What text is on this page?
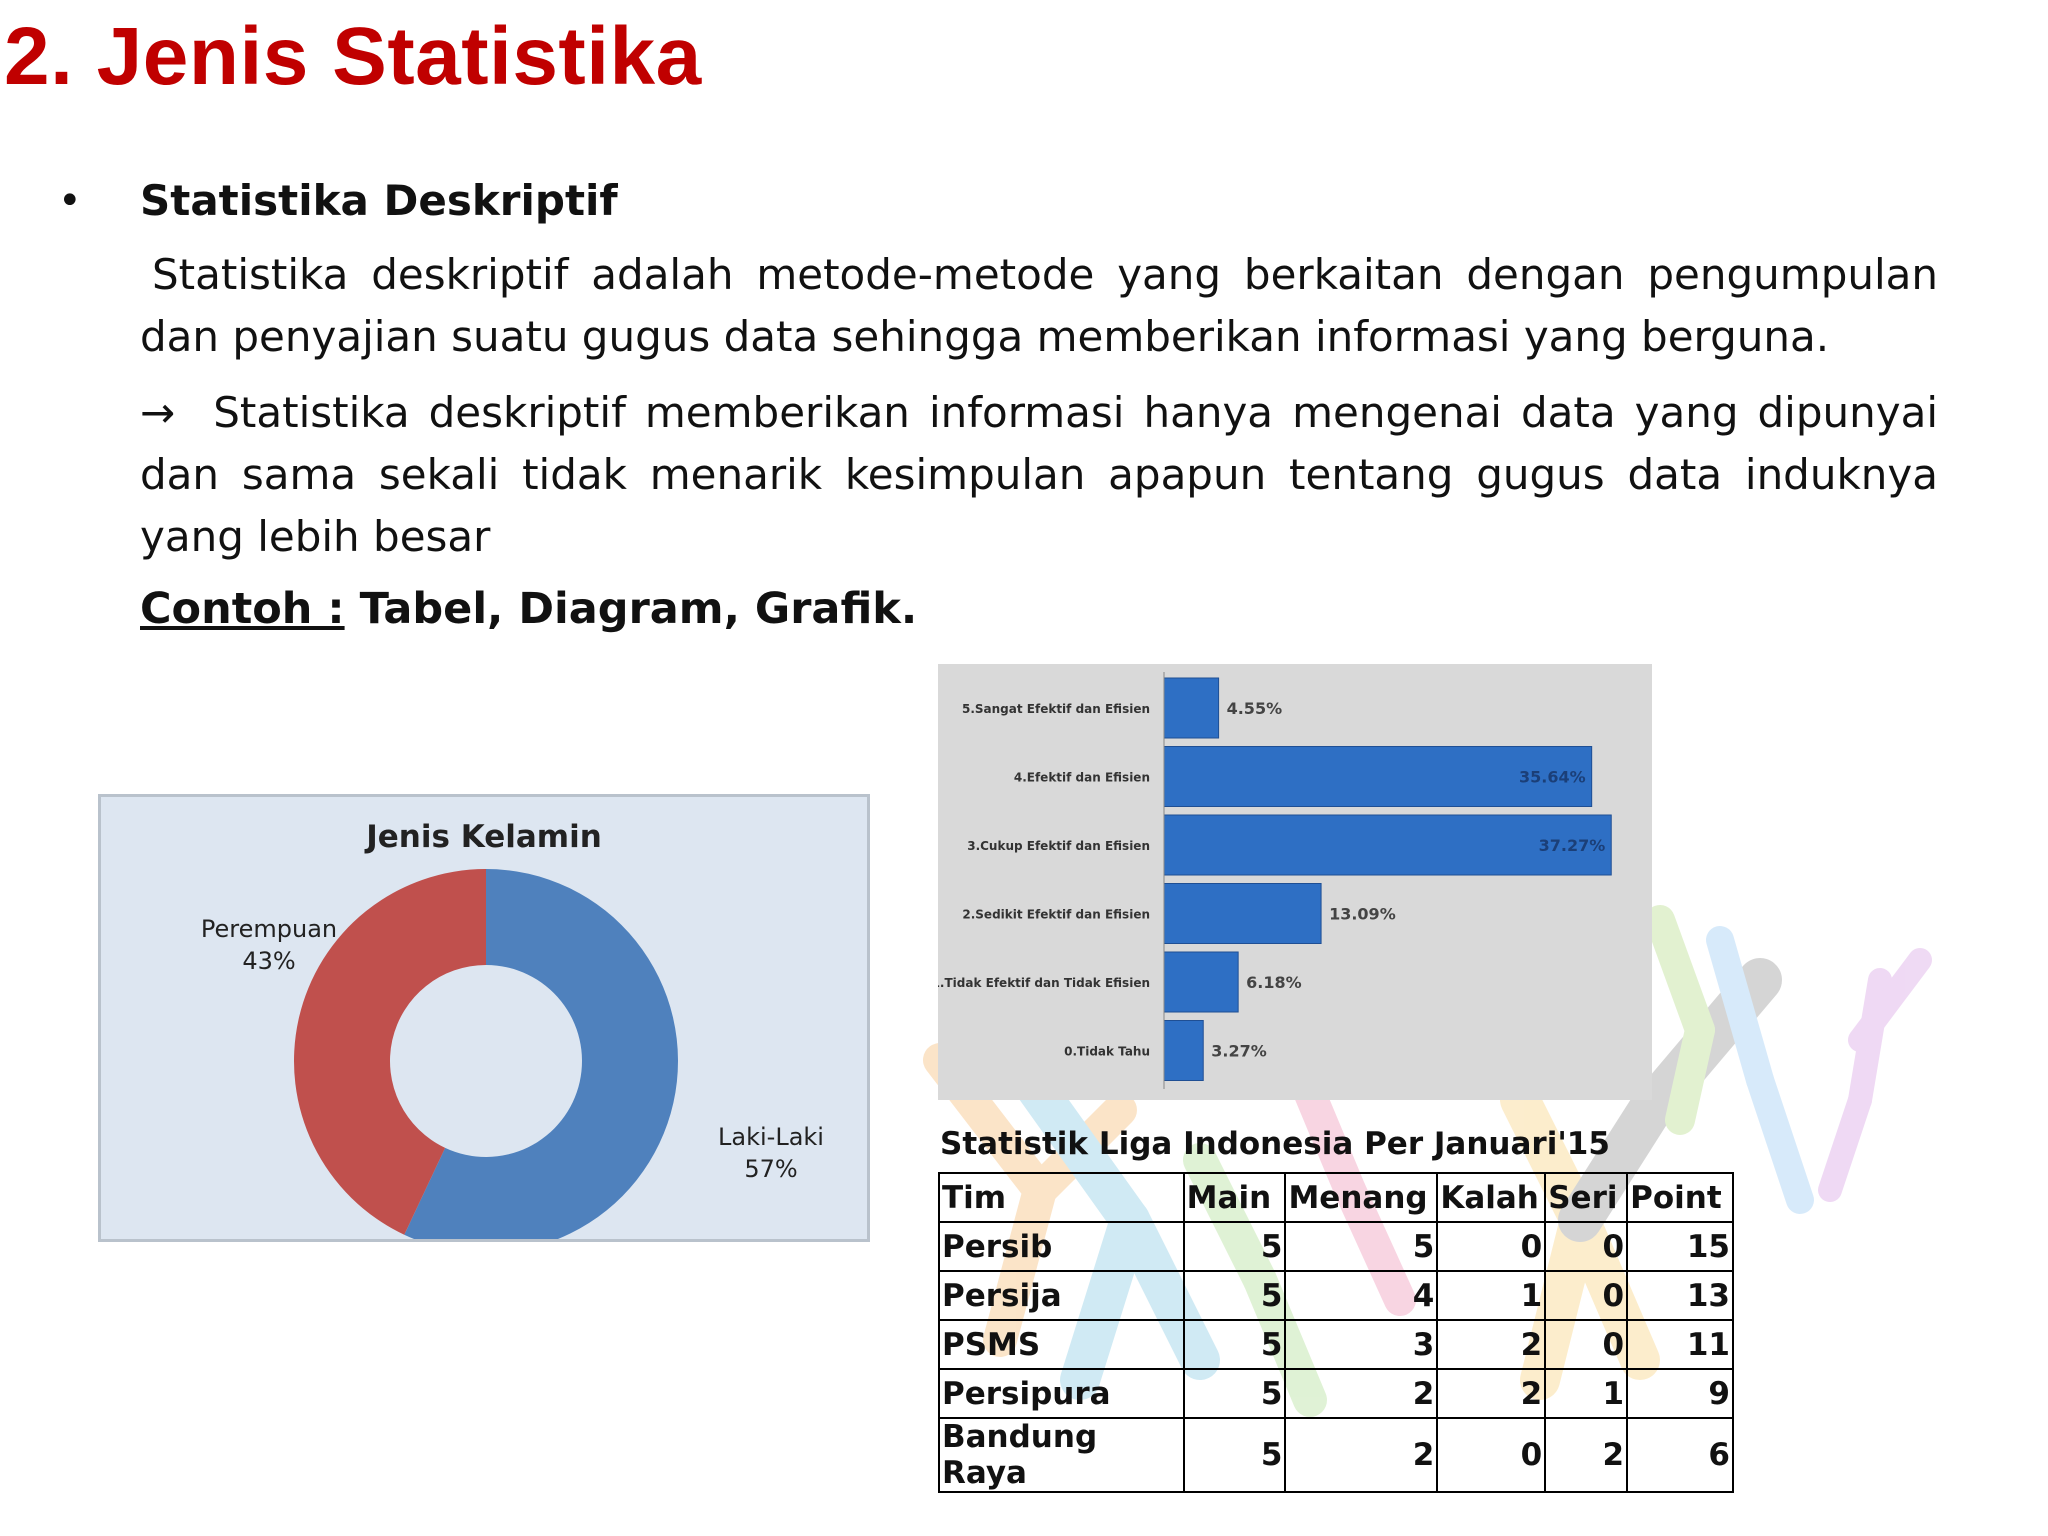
2. Jenis Statistika
• Statistika Deskriptif
Statistika deskriptif adalah metode-metode yang berkaitan dengan pengumpulan dan penyajian suatu gugus data sehingga memberikan informasi yang berguna.
→ Statistika deskriptif memberikan informasi hanya mengenai data yang dipunyai dan sama sekali tidak menarik kesimpulan apapun tentang gugus data induknya yang lebih besar
Contoh : Tabel, Diagram, Grafik.
Jenis Kelamin
Laki-Laki
57%
Perempuan
43%
5.Sangat Efektif dan Efisien	4.55%
4.Efektif dan Efisien	35.64%
3.Cukup Efektif dan Efisien	37.27%
2.Sedikit Efektif dan Efisien	13.09%
1.Tidak Efektif dan Tidak Efisien	6.18%
0.Tidak Tahu	3.27%
Statistik Liga Indonesia Per Januari'15
Tim	Main	Menang	Kalah	Seri	Point
Persib	5	5	0	0	15
Persija	5	4	1	0	13
PSMS	5	3	2	0	11
Persipura	5	2	2	1	9
Bandung Raya	5	2	0	2	6
